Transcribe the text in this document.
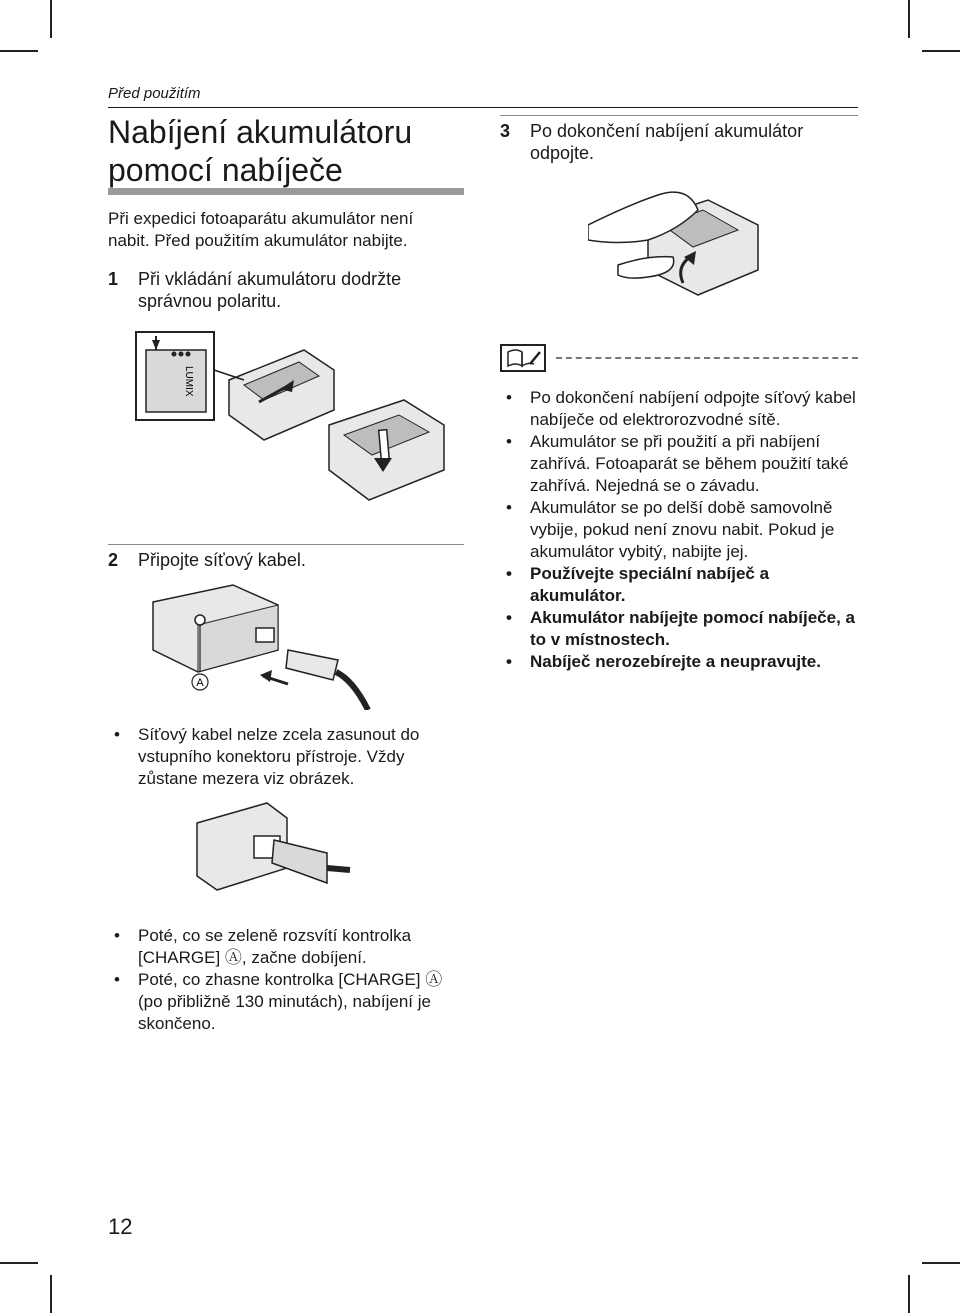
Před použitím
Nabíjení akumulátoru
pomocí nabíječe

Při expedici fotoaparátu akumulátor není nabit. Před použitím akumulátor nabijte.

1 Při vkládání akumulátoru dodržte
správnou polaritu.
LUMIX
2 Připojte síťový kabel.
A
• Síťový kabel nelze zcela zasunout do vstupního konektoru přístroje. Vždy zůstane mezera viz obrázek.
• Poté, co se zeleně rozsvítí kontrolka [CHARGE] Ⓐ, začne dobíjení.
• Poté, co zhasne kontrolka [CHARGE] Ⓐ (po přibližně 130 minutách), nabíjení je skončeno.
3 Po dokončení nabíjení akumulátor
odpojte.
• Po dokončení nabíjení odpojte síťový kabel nabíječe od elektrorozvodné sítě.
• Akumulátor se při použití a při nabíjení zahřívá. Fotoaparát se během použití také zahřívá. Nejedná se o závadu.
• Akumulátor se po delší době samovolně vybije, pokud není znovu nabit. Pokud je akumulátor vybitý, nabijte jej.
• Používejte speciální nabíječ a akumulátor.
• Akumulátor nabíjejte pomocí nabíječe, a to v místnostech.
• Nabíječ nerozebírejte a neupravujte.
12
